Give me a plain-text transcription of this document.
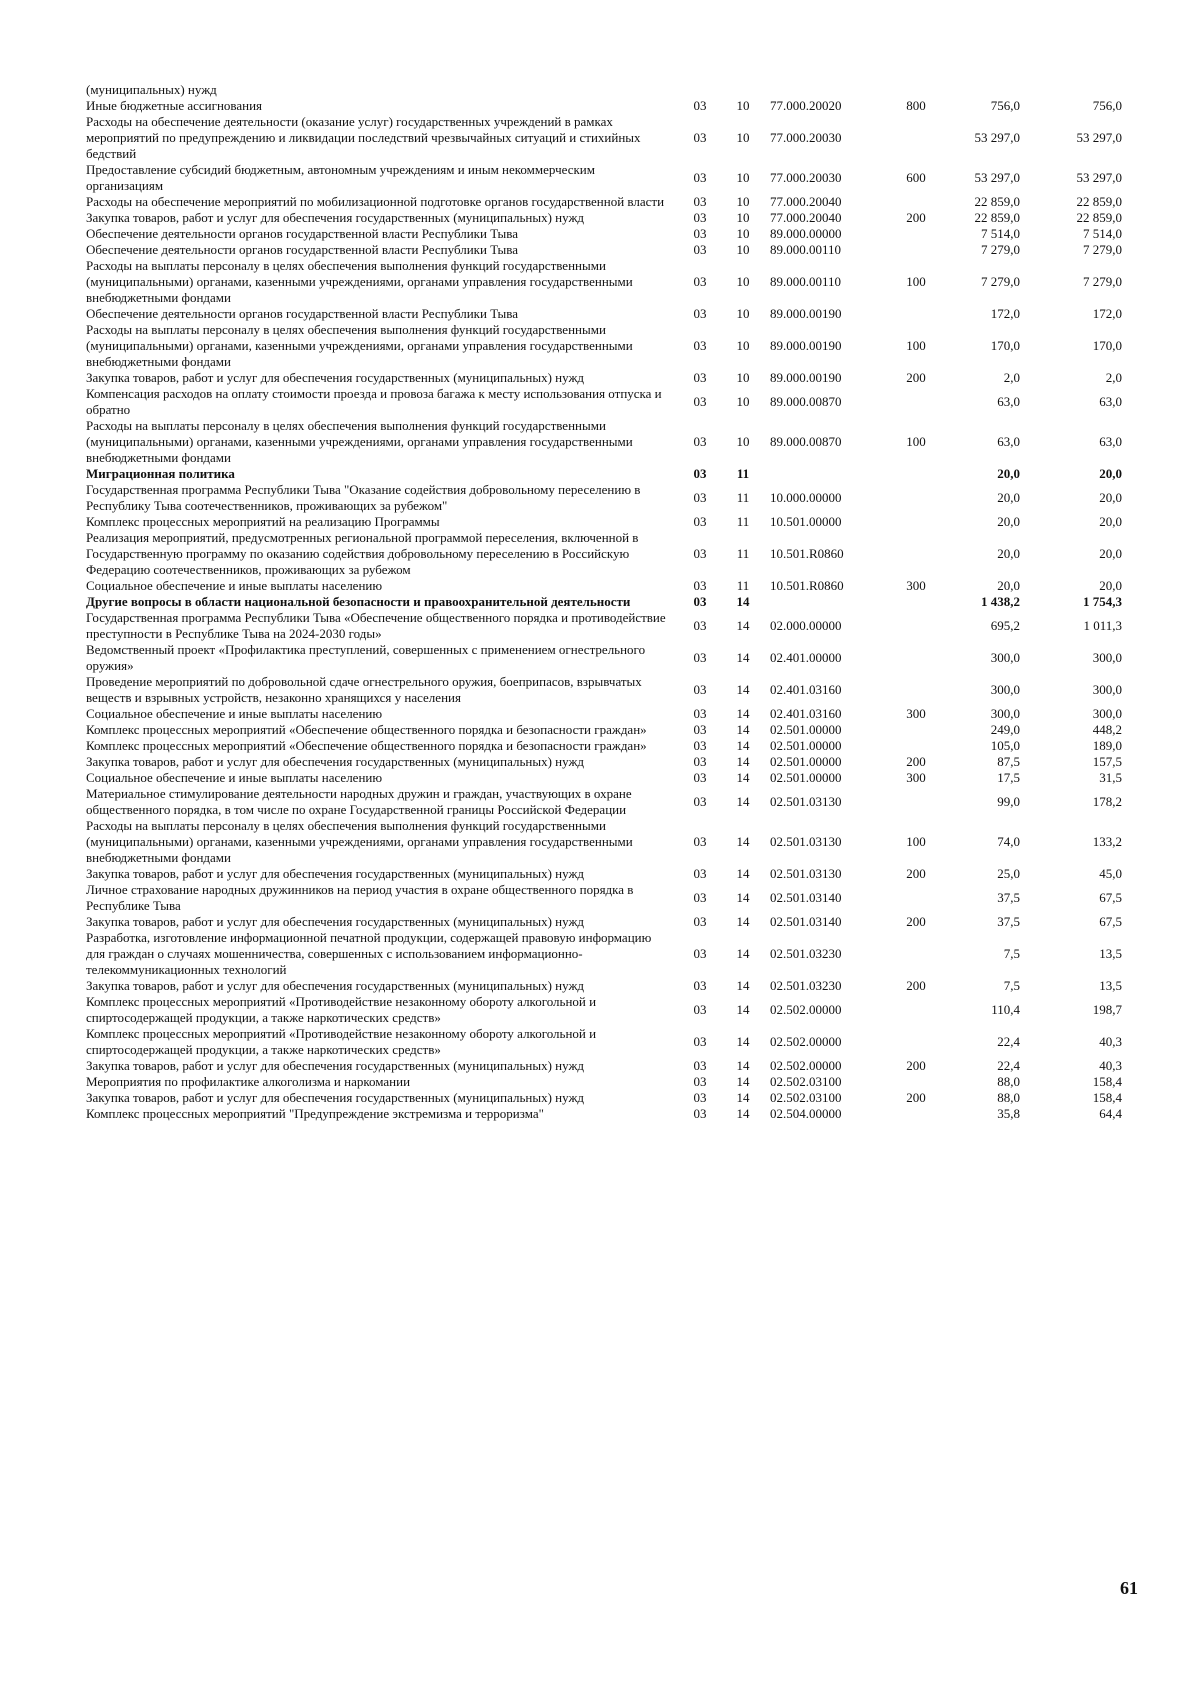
(муниципальных) нужд						
Иные бюджетные ассигнования	03	10	77.000.20020	800	756,0	756,0
Расходы на обеспечение деятельности (оказание услуг) государственных учреждений в рамках мероприятий по предупреждению и ликвидации последствий чрезвычайных ситуаций и стихийных бедствий	03	10	77.000.20030		53 297,0	53 297,0
Предоставление субсидий бюджетным, автономным учреждениям и иным некоммерческим организациям	03	10	77.000.20030	600	53 297,0	53 297,0
Расходы на обеспечение мероприятий по мобилизационной подготовке органов государственной власти	03	10	77.000.20040		22 859,0	22 859,0
Закупка товаров, работ и услуг для обеспечения государственных (муниципальных) нужд	03	10	77.000.20040	200	22 859,0	22 859,0
Обеспечение деятельности органов государственной власти Республики Тыва	03	10	89.000.00000		7 514,0	7 514,0
Обеспечение деятельности органов государственной власти Республики Тыва	03	10	89.000.00110		7 279,0	7 279,0
Расходы на выплаты персоналу в целях обеспечения выполнения функций государственными (муниципальными) органами, казенными учреждениями, органами управления государственными внебюджетными фондами	03	10	89.000.00110	100	7 279,0	7 279,0
Обеспечение деятельности органов государственной власти Республики Тыва	03	10	89.000.00190		172,0	172,0
Расходы на выплаты персоналу в целях обеспечения выполнения функций государственными (муниципальными) органами, казенными учреждениями, органами управления государственными внебюджетными фондами	03	10	89.000.00190	100	170,0	170,0
Закупка товаров, работ и услуг для обеспечения государственных (муниципальных) нужд	03	10	89.000.00190	200	2,0	2,0
Компенсация расходов на оплату стоимости проезда и провоза багажа к месту использования отпуска и обратно	03	10	89.000.00870		63,0	63,0
Расходы на выплаты персоналу в целях обеспечения выполнения функций государственными (муниципальными) органами, казенными учреждениями, органами управления государственными внебюджетными фондами	03	10	89.000.00870	100	63,0	63,0
Миграционная политика	03	11			20,0	20,0
Государственная программа Республики Тыва "Оказание содействия добровольному переселению в Республику Тыва соотечественников, проживающих за рубежом"	03	11	10.000.00000		20,0	20,0
Комплекс процессных мероприятий на реализацию Программы	03	11	10.501.00000		20,0	20,0
Реализация мероприятий, предусмотренных региональной программой переселения, включенной в Государственную программу по оказанию содействия добровольному переселению в Российскую Федерацию соотечественников, проживающих за рубежом	03	11	10.501.R0860		20,0	20,0
Социальное обеспечение и иные выплаты населению	03	11	10.501.R0860	300	20,0	20,0
Другие вопросы в области национальной безопасности и правоохранительной деятельности	03	14			1 438,2	1 754,3
Государственная программа Республики Тыва «Обеспечение общественного порядка и противодействие преступности в Республике Тыва на 2024-2030 годы»	03	14	02.000.00000		695,2	1 011,3
Ведомственный проект «Профилактика преступлений, совершенных с применением огнестрельного оружия»	03	14	02.401.00000		300,0	300,0
Проведение мероприятий по добровольной сдаче огнестрельного оружия, боеприпасов, взрывчатых веществ и взрывных устройств, незаконно хранящихся у населения	03	14	02.401.03160		300,0	300,0
Социальное обеспечение и иные выплаты населению	03	14	02.401.03160	300	300,0	300,0
Комплекс процессных мероприятий «Обеспечение общественного порядка и безопасности граждан»	03	14	02.501.00000		249,0	448,2
Комплекс процессных мероприятий «Обеспечение общественного порядка и безопасности граждан»	03	14	02.501.00000		105,0	189,0
Закупка товаров, работ и услуг для обеспечения государственных (муниципальных) нужд	03	14	02.501.00000	200	87,5	157,5
Социальное обеспечение и иные выплаты населению	03	14	02.501.00000	300	17,5	31,5
Материальное стимулирование деятельности народных дружин и граждан, участвующих в охране общественного порядка, в том числе по охране Государственной границы Российской Федерации	03	14	02.501.03130		99,0	178,2
Расходы на выплаты персоналу в целях обеспечения выполнения функций государственными (муниципальными) органами, казенными учреждениями, органами управления государственными внебюджетными фондами	03	14	02.501.03130	100	74,0	133,2
Закупка товаров, работ и услуг для обеспечения государственных (муниципальных) нужд	03	14	02.501.03130	200	25,0	45,0
Личное страхование народных дружинников на период участия в охране общественного порядка в Республике Тыва	03	14	02.501.03140		37,5	67,5
Закупка товаров, работ и услуг для обеспечения государственных (муниципальных) нужд	03	14	02.501.03140	200	37,5	67,5
Разработка, изготовление информационной печатной продукции, содержащей правовую информацию для граждан о случаях мошенничества, совершенных с использованием информационно-телекоммуникационных технологий	03	14	02.501.03230		7,5	13,5
Закупка товаров, работ и услуг для обеспечения государственных (муниципальных) нужд	03	14	02.501.03230	200	7,5	13,5
Комплекс процессных мероприятий «Противодействие незаконному обороту алкогольной и спиртосодержащей продукции, а также наркотических средств»	03	14	02.502.00000		110,4	198,7
Комплекс процессных мероприятий «Противодействие незаконному обороту алкогольной и спиртосодержащей продукции, а также наркотических средств»	03	14	02.502.00000		22,4	40,3
Закупка товаров, работ и услуг для обеспечения государственных (муниципальных) нужд	03	14	02.502.00000	200	22,4	40,3
Мероприятия по профилактике алкоголизма и наркомании	03	14	02.502.03100		88,0	158,4
Закупка товаров, работ и услуг для обеспечения государственных (муниципальных) нужд	03	14	02.502.03100	200	88,0	158,4
Комплекс процессных мероприятий "Предупреждение экстремизма и терроризма"	03	14	02.504.00000		35,8	64,4
61
